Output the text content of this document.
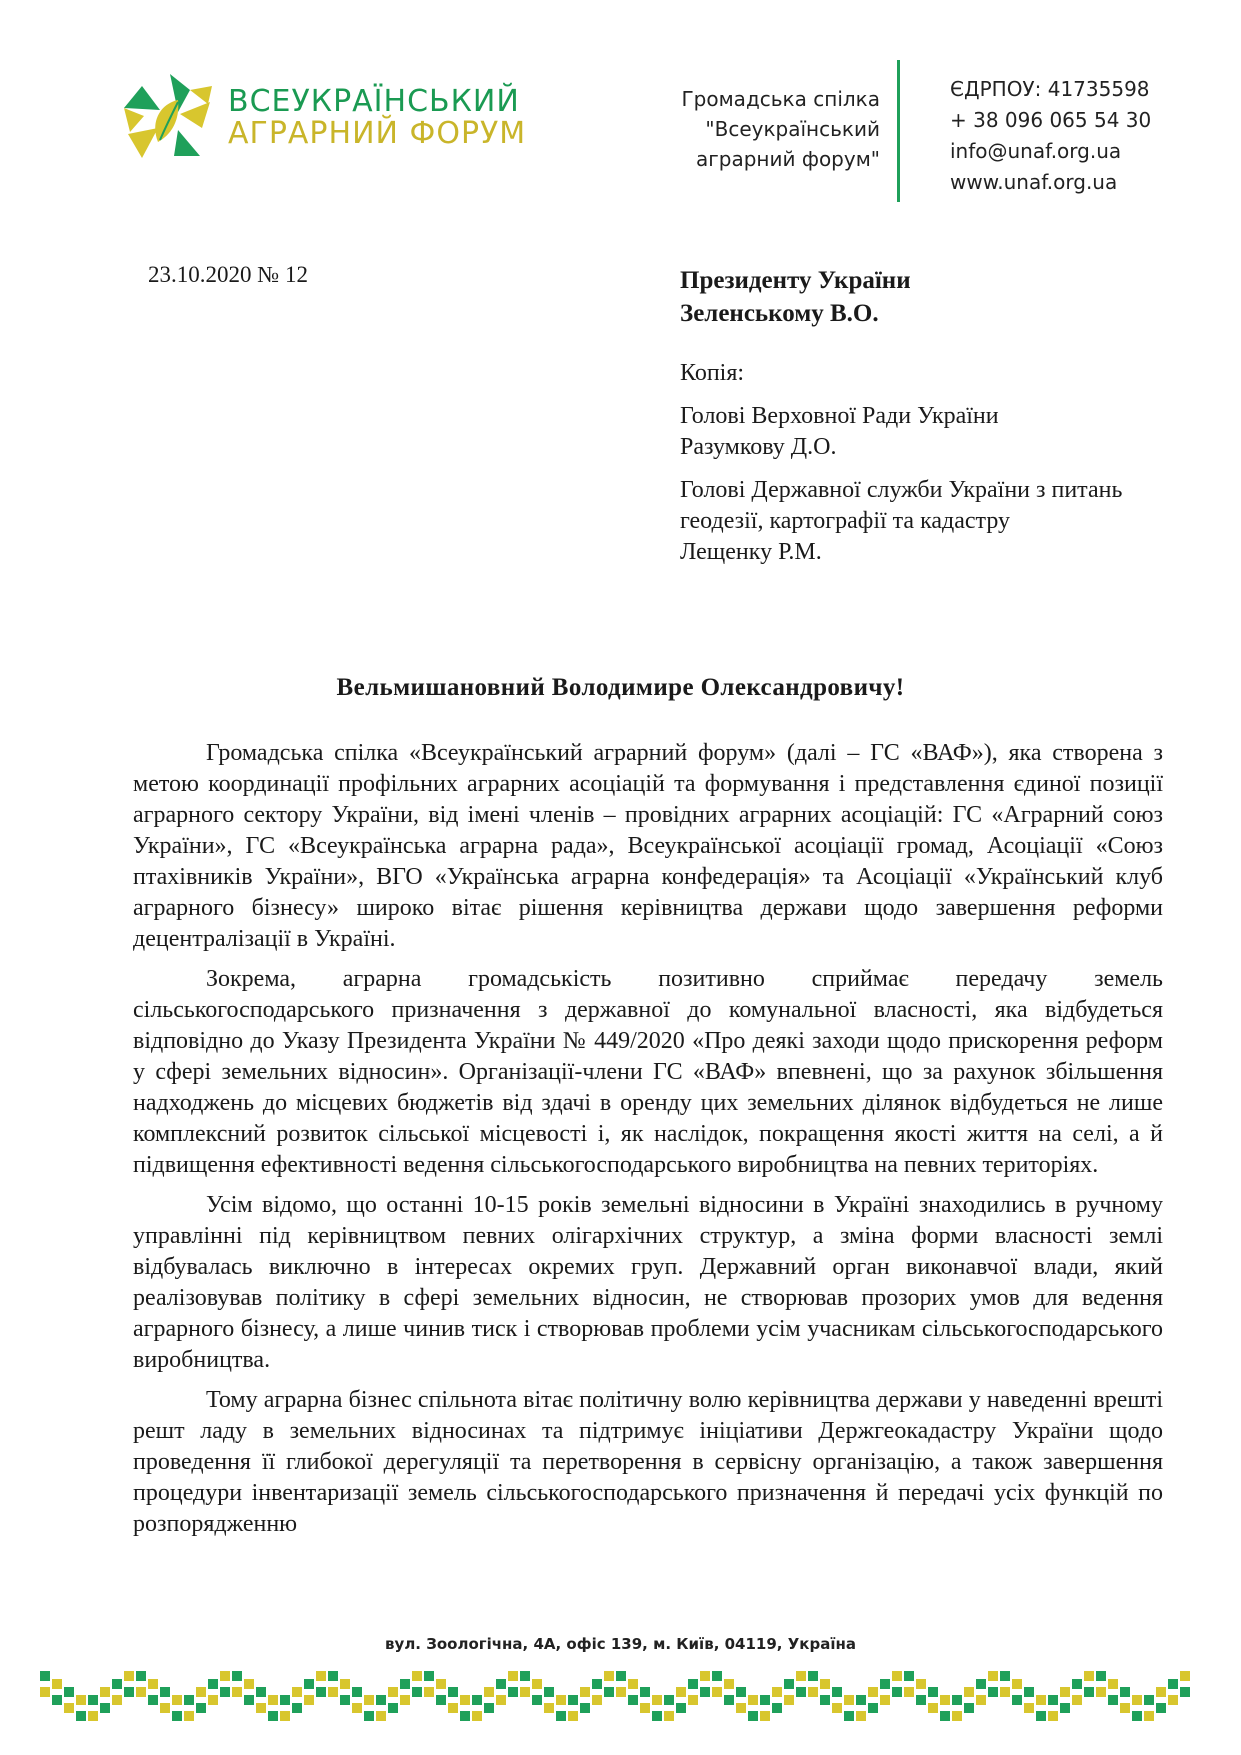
ВСЕУКРАЇНСЬКИЙ
АГРАРНИЙ ФОРУМ
Громадська спілка
"Всеукраїнський
аграрний форум"
ЄДРПОУ: 41735598
+ 38 096 065 54 30
info@unaf.org.ua
www.unaf.org.ua
23.10.2020 № 12	Президенту України
Зеленському В.О.
Копія:
Голові Верховної Ради України
Разумкову Д.О.
Голові Державної служби України з питань
геодезії, картографії та кадастру
Лещенку Р.М.
Вельмишановний Володимире Олександровичу!

Громадська спілка «Всеукраїнський аграрний форум» (далі – ГС «ВАФ»), яка створена з метою координації профільних аграрних асоціацій та формування і представлення єдиної позиції аграрного сектору України, від імені членів – провідних аграрних асоціацій: ГС «Аграрний союз України», ГС «Всеукраїнська аграрна рада», Всеукраїнської асоціації громад, Асоціації «Союз птахівників України», ВГО «Українська аграрна конфедерація» та Асоціації «Український клуб аграрного бізнесу» широко вітає рішення керівництва держави щодо завершення реформи децентралізації в Україні.

Зокрема, аграрна громадськість позитивно сприймає передачу земель сільськогосподарського призначення з державної до комунальної власності, яка відбудеться відповідно до Указу Президента України № 449/2020 «Про деякі заходи щодо прискорення реформ у сфері земельних відносин». Організації-члени ГС «ВАФ» впевнені, що за рахунок збільшення надходжень до місцевих бюджетів від здачі в оренду цих земельних ділянок відбудеться не лише комплексний розвиток сільської місцевості і, як наслідок, покращення якості життя на селі, а й підвищення ефективності ведення сільськогосподарського виробництва на певних територіях.

Усім відомо, що останні 10-15 років земельні відносини в Україні знаходились в ручному управлінні під керівництвом певних олігархічних структур, а зміна форми власності землі відбувалась виключно в інтересах окремих груп. Державний орган виконавчої влади, який реалізовував політику в сфері земельних відносин, не створював прозорих умов для ведення аграрного бізнесу, а лише чинив тиск і створював проблеми усім учасникам сільськогосподарського виробництва.

Тому аграрна бізнес спільнота вітає політичну волю керівництва держави у наведенні врешті решт ладу в земельних відносинах та підтримує ініціативи Держгеокадастру України щодо проведення її глибокої дерегуляції та перетворення в сервісну організацію, а також завершення процедури інвентаризації земель сільськогосподарського призначення й передачі усіх функцій по розпорядженню

вул. Зоологічна, 4А, офіс 139, м. Київ, 04119, Україна
